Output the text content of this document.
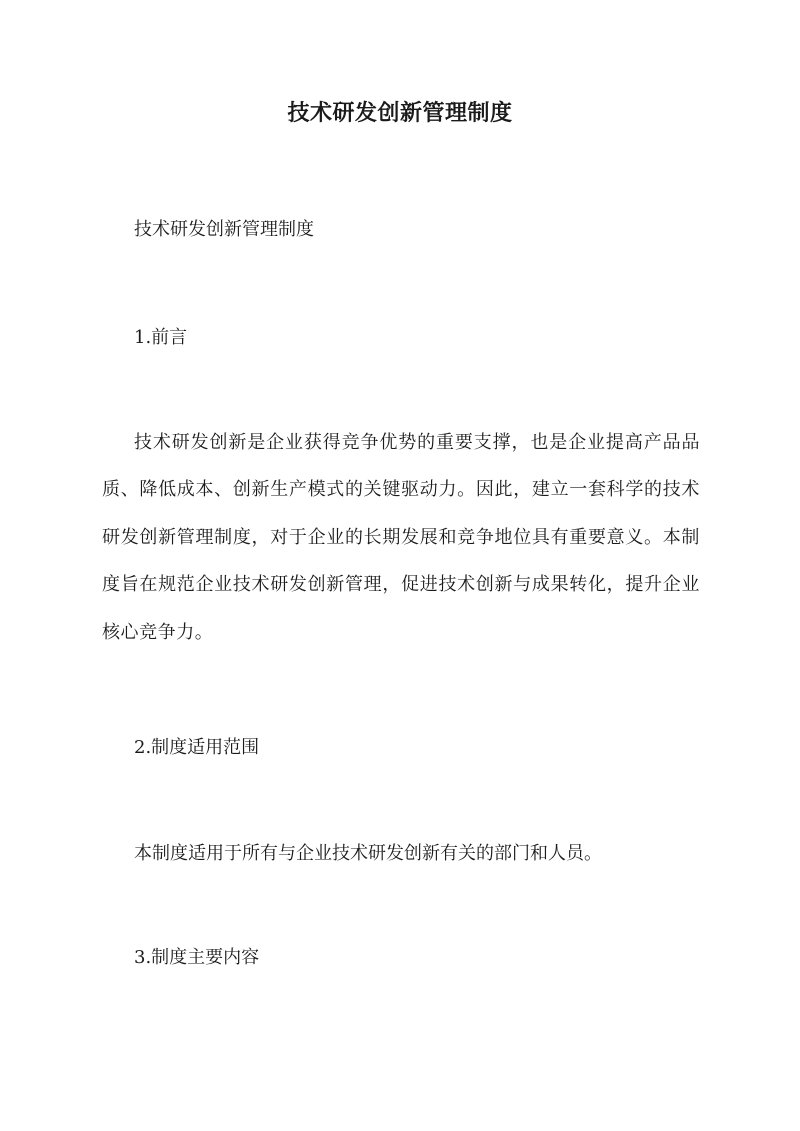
技术研发创新管理制度
技术研发创新管理制度
1.前言
技术研发创新是企业获得竞争优势的重要支撑，也是企业提高产品品质、降低成本、创新生产模式的关键驱动力。因此，建立一套科学的技术研发创新管理制度，对于企业的长期发展和竞争地位具有重要意义。本制度旨在规范企业技术研发创新管理，促进技术创新与成果转化，提升企业核心竞争力。
2.制度适用范围
本制度适用于所有与企业技术研发创新有关的部门和人员。
3.制度主要内容
